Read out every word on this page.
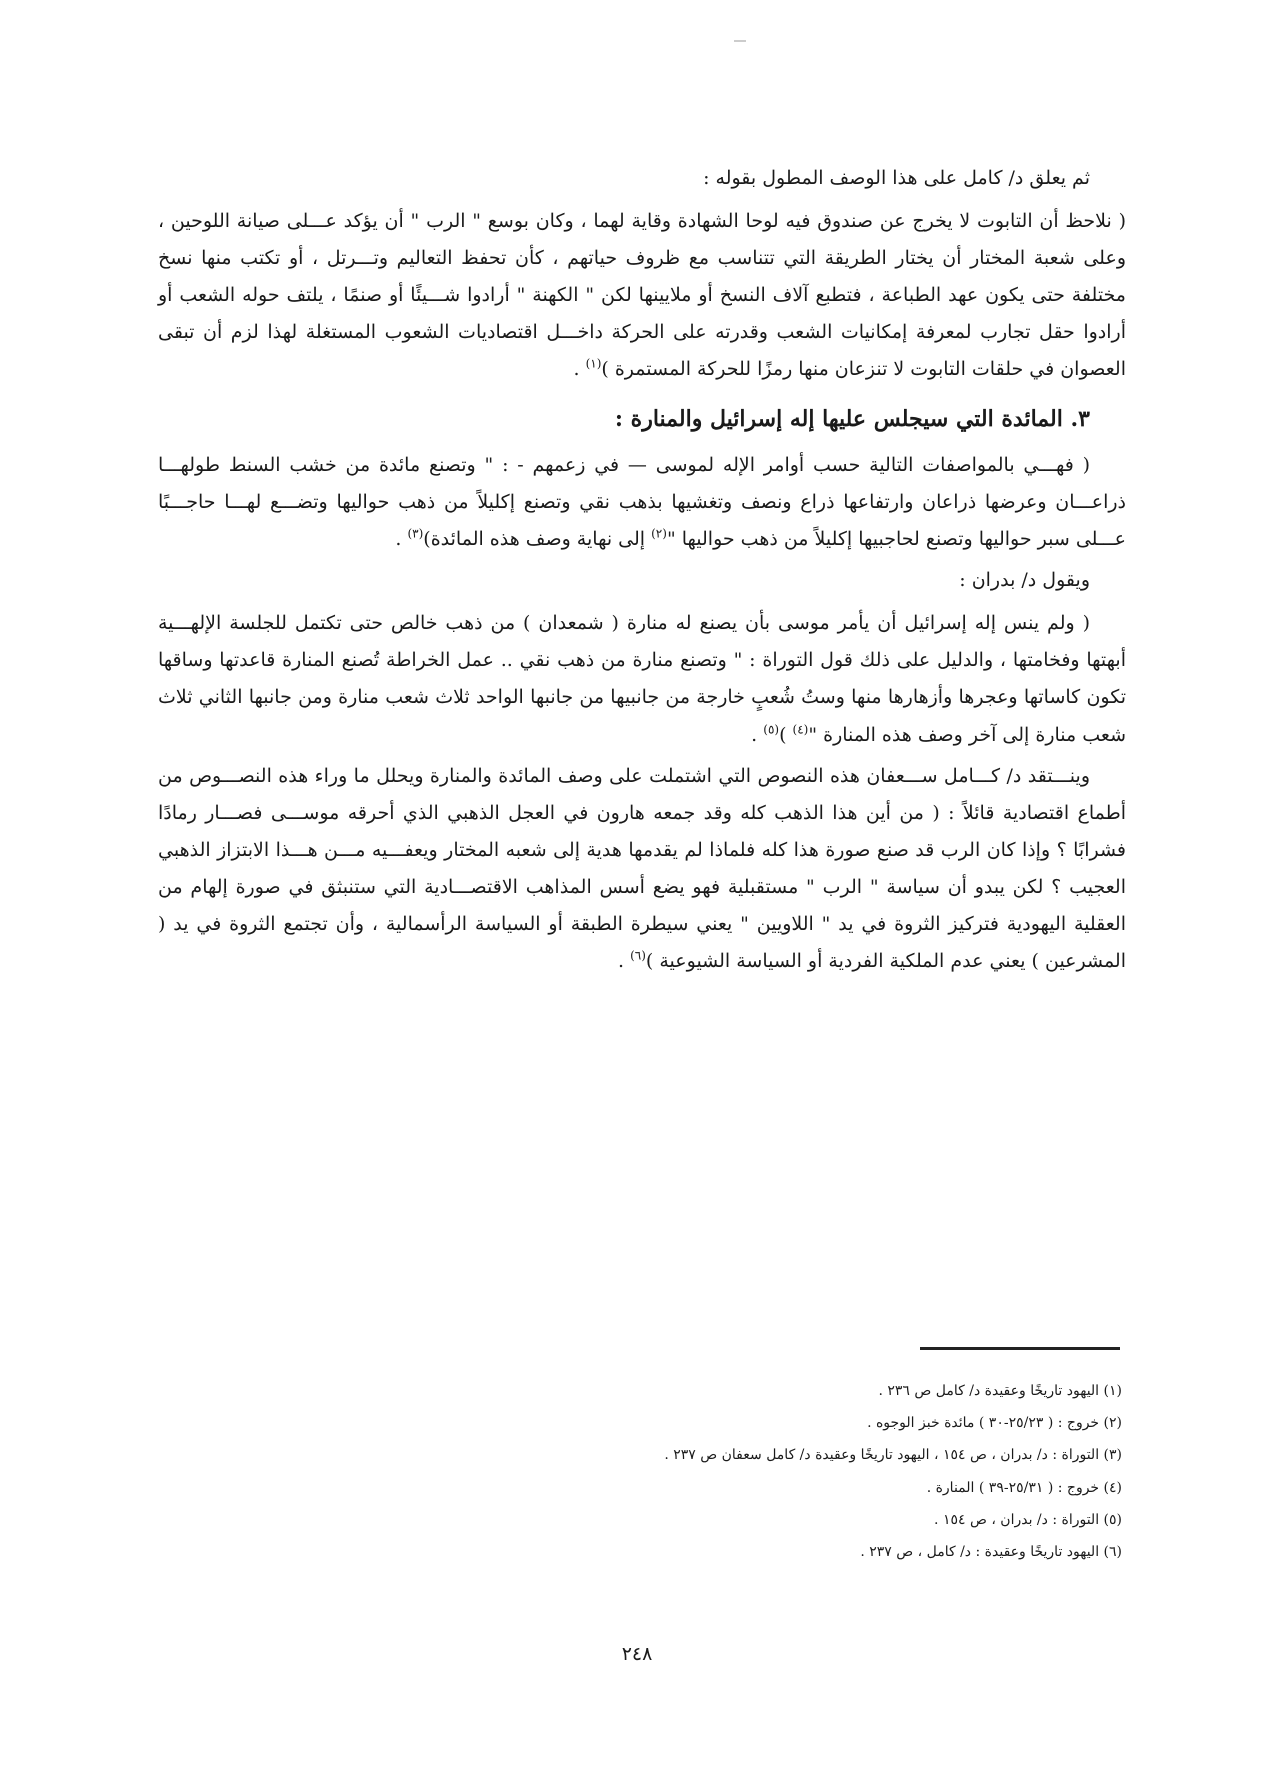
ثم يعلق د/ كامل على هذا الوصف المطول بقوله :

( نلاحظ أن التابوت لا يخرج عن صندوق فيه لوحا الشهادة وقاية لهما ، وكان بوسع " الرب " أن يؤكد عـــلى صيانة اللوحين ، وعلى شعبة المختار أن يختار الطريقة التي تتناسب مع ظروف حياتهم ، كأن تحفظ التعاليم وتـــرتل ، أو تكتب منها نسخ مختلفة حتى يكون عهد الطباعة ، فتطبع آلاف النسخ أو ملايينها لكن " الكهنة " أرادوا شـــيئًا أو صنمًا ، يلتف حوله الشعب أو أرادوا حقل تجارب لمعرفة إمكانيات الشعب وقدرته على الحركة داخـــل اقتصاديات الشعوب المستغلة لهذا لزم أن تبقى العصوان في حلقات التابوت لا تنزعان منها رمزًا للحركة المستمرة )$^{(١)}$ .

٣. المائدة التي سيجلس عليها إله إسرائيل والمنارة :

( فهـــي بالمواصفات التالية حسب أوامر الإله لموسى — في زعمهم - : " وتصنع مائدة من خشب السنط طولهـــا ذراعـــان وعرضها ذراعان وارتفاعها ذراع ونصف وتغشيها بذهب نقي وتصنع إكليلاً من ذهب حواليها وتضـــع لهـــا حاجـــبًا عـــلى سبر حواليها وتصنع لحاجبيها إكليلاً من ذهب حواليها "$^{(٢)}$ إلى نهاية وصف هذه المائدة)$^{(٣)}$ .

ويقول د/ بدران :

( ولم ينس إله إسرائيل أن يأمر موسى بأن يصنع له منارة ( شمعدان ) من ذهب خالص حتى تكتمل للجلسة الإلهـــية أبهتها وفخامتها ، والدليل على ذلك قول التوراة : " وتصنع منارة من ذهب نقي .. عمل الخراطة تُصنع المنارة قاعدتها وساقها تكون كاساتها وعجرها وأزهارها منها وستُ شُعبٍ خارجة من جانبيها من جانبها الواحد ثلاث شعب منارة ومن جانبها الثاني ثلاث شعب منارة إلى آخر وصف هذه المنارة "$^{(٤)}$ )$^{(٥)}$ .

وينـــتقد د/ كـــامل ســـعفان هذه النصوص التي اشتملت على وصف المائدة والمنارة ويحلل ما وراء هذه النصـــوص من أطماع اقتصادية قائلاً : ( من أين هذا الذهب كله وقد جمعه هارون في العجل الذهبي الذي أحرقه موســـى فصـــار رمادًا فشرابًا ؟ وإذا كان الرب قد صنع صورة هذا كله فلماذا لم يقدمها هدية إلى شعبه المختار ويعفـــيه مـــن هـــذا الابتزاز الذهبي العجيب ؟ لكن يبدو أن سياسة " الرب " مستقبلية فهو يضع أسس المذاهب الاقتصـــادية التي ستنبثق في صورة إلهام من العقلية اليهودية فتركيز الثروة في يد " اللاويين " يعني سيطرة الطبقة أو السياسة الرأسمالية ، وأن تجتمع الثروة في يد ( المشرعين ) يعني عدم الملكية الفردية أو السياسة الشيوعية )$^{(٦)}$ .

(١) اليهود تاريخًا وعقيدة د/ كامل ص ٢٣٦ .

(٢) خروج : ( ٢٥/٢٣-٣٠ ) مائدة خبز الوجوه .

(٣) التوراة : د/ بدران ، ص ١٥٤ ، اليهود تاريخًا وعقيدة د/ كامل سعفان ص ٢٣٧ .

(٤) خروج : ( ٢٥/٣١-٣٩ ) المنارة .

(٥) التوراة : د/ بدران ، ص ١٥٤ .

(٦) اليهود تاريخًا وعقيدة : د/ كامل ، ص ٢٣٧ .

٢٤٨
